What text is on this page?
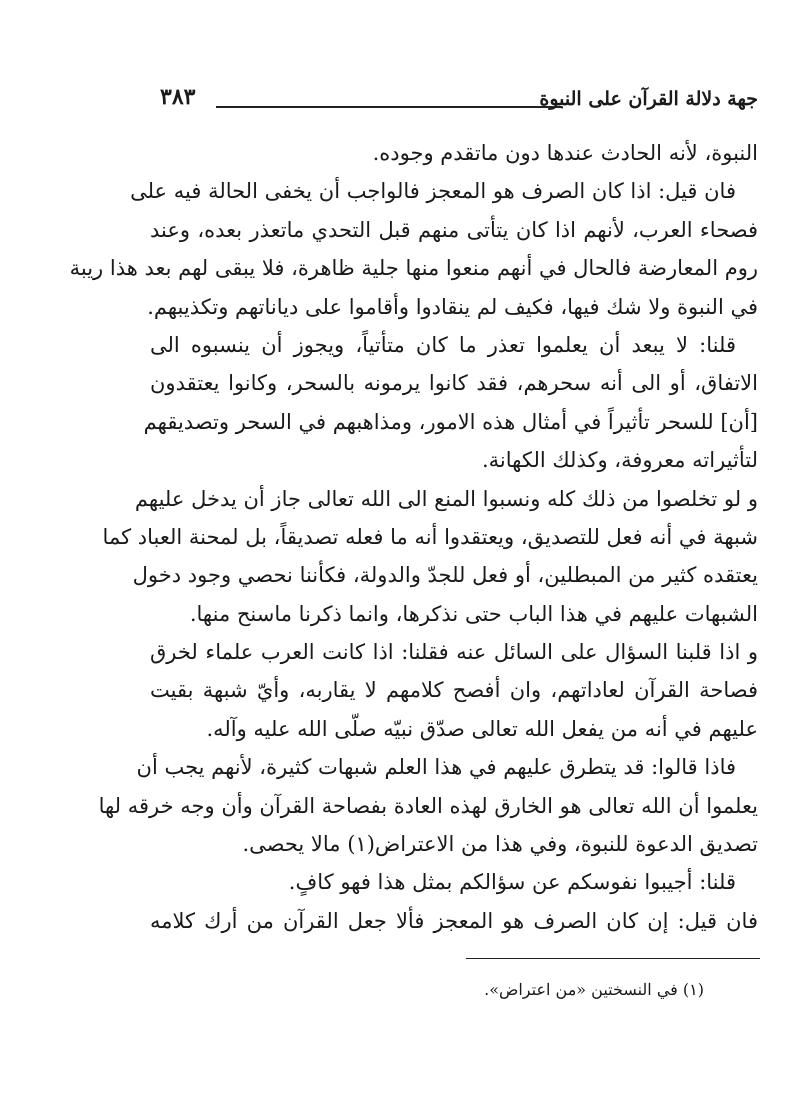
جهة دلالة القرآن على النبوة
٣٨٣
النبوة، لأنه الحادث عندها دون ماتقدم وجوده.
فان قيل: اذا كان الصرف هو المعجز فالواجب أن يخفى الحالة فيه على
فصحاء العرب، لأنهم اذا كان يتأتى منهم قبل التحدي ماتعذر بعده، وعند
روم المعارضة فالحال في أنهم منعوا منها جلية ظاهرة، فلا يبقى لهم بعد هذا ريبة
في النبوة ولا شك فيها، فكيف لم ينقادوا وأقاموا على دياناتهم وتكذيبهم.
قلنا: لا يبعد أن يعلموا تعذر ما كان متأتياً، ويجوز أن ينسبوه الى
الاتفاق، أو الى أنه سحرهم، فقد كانوا يرمونه بالسحر، وكانوا يعتقدون
[أن] للسحر تأثيراً في أمثال هذه الامور، ومذاهبهم في السحر وتصديقهم
لتأثيراته معروفة، وكذلك الكهانة.
و لو تخلصوا من ذلك كله ونسبوا المنع الى الله تعالى جاز أن يدخل عليهم
شبهة في أنه فعل للتصديق، ويعتقدوا أنه ما فعله تصديقاً، بل لمحنة العباد كما
يعتقده كثير من المبطلين، أو فعل للجدّ والدولة، فكأننا نحصي وجود دخول
الشبهات عليهم في هذا الباب حتى نذكرها، وانما ذكرنا ماسنح منها.
و اذا قلبنا السؤال على السائل عنه فقلنا: اذا كانت العرب علماء لخرق
فصاحة القرآن لعاداتهم، وان أفصح كلامهم لا يقاربه، وأيّ شبهة بقيت
عليهم في أنه من يفعل الله تعالى صدّق نبيّه صلّى الله عليه وآله.
فاذا قالوا: قد يتطرق عليهم في هذا العلم شبهات كثيرة، لأنهم يجب أن
يعلموا أن الله تعالى هو الخارق لهذه العادة بفصاحة القرآن وأن وجه خرقه لها
تصديق الدعوة للنبوة، وفي هذا من الاعتراض(١) مالا يحصى.
قلنا: أجيبوا نفوسكم عن سؤالكم بمثل هذا فهو كافٍ.
فان قيل: إن كان الصرف هو المعجز فألا جعل القرآن من أرك كلامه
(١) في النسختين «من اعتراض».
